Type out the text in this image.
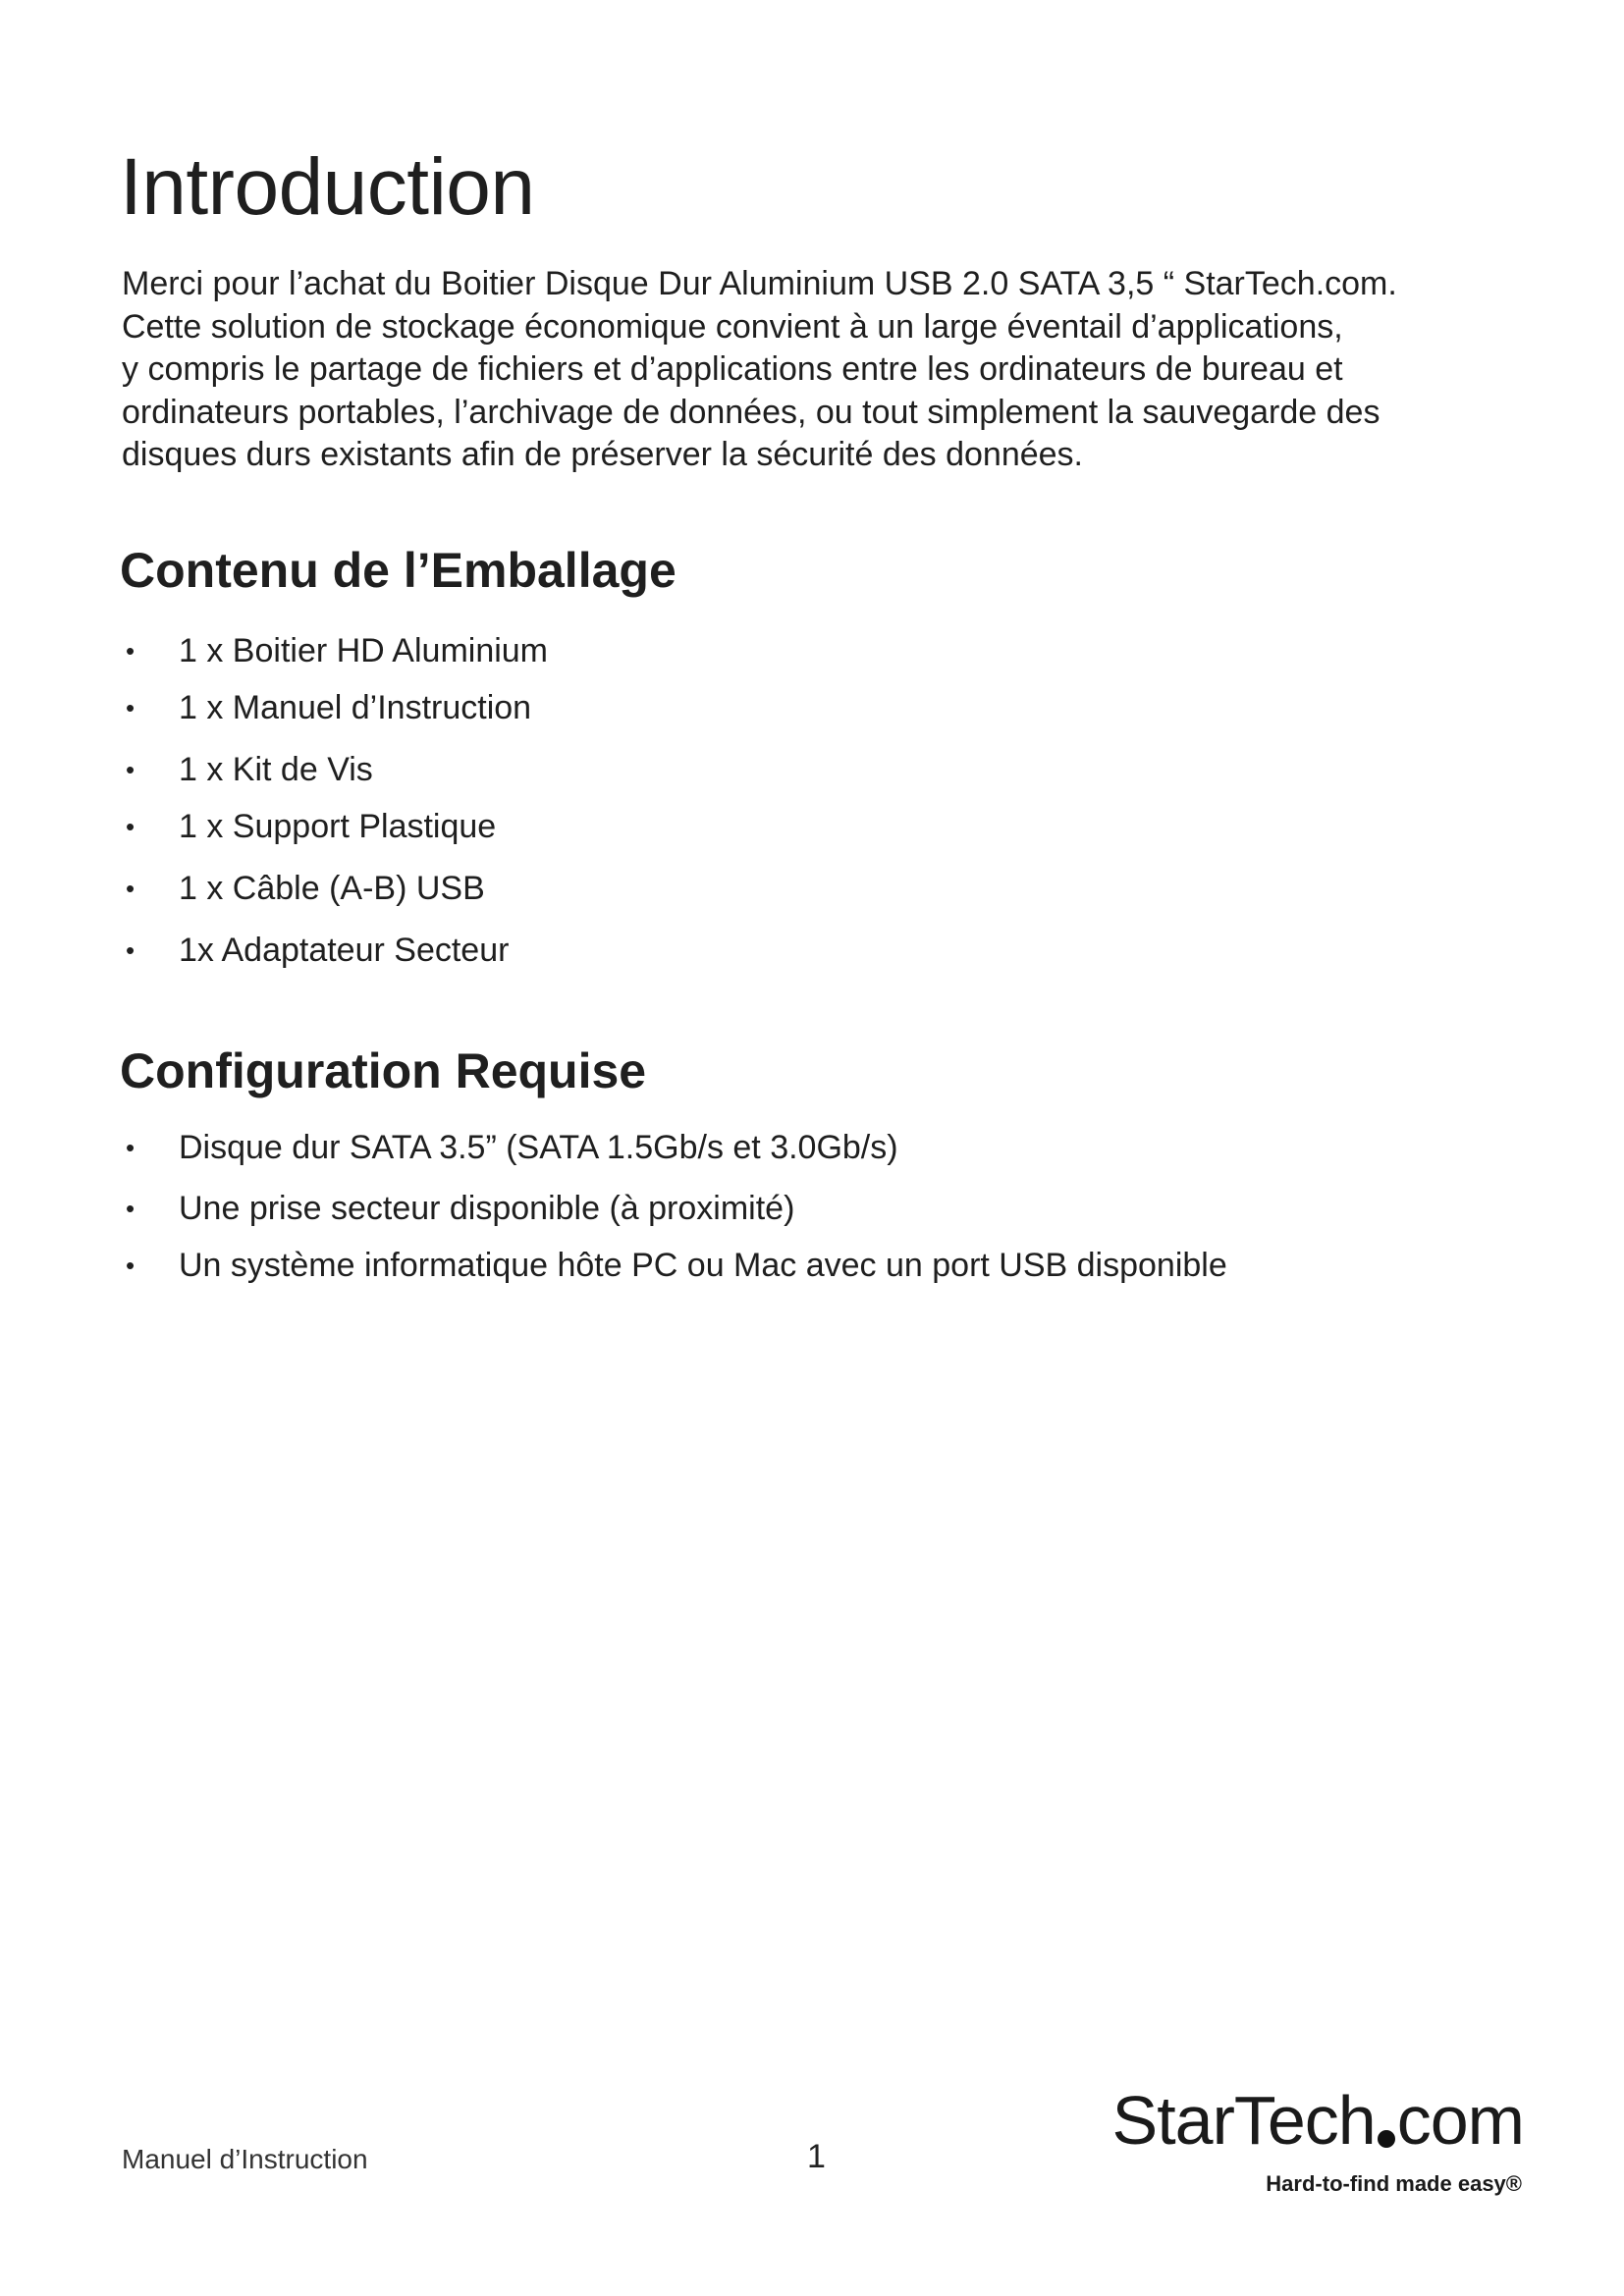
Introduction

Merci pour l’achat du Boitier Disque Dur Aluminium USB 2.0 SATA 3,5 “ StarTech.com.
Cette solution de stockage économique convient à un large éventail d’applications,
y compris le partage de fichiers et d’applications entre les ordinateurs de bureau et
ordinateurs portables, l’archivage de données, ou tout simplement la sauvegarde des
disques durs existants afin de préserver la sécurité des données.

Contenu de l’Emballage
• 1 x Boitier HD Aluminium
• 1 x Manuel d’Instruction
• 1 x Kit de Vis
• 1 x Support Plastique
• 1 x Câble (A-B) USB
• 1x Adaptateur Secteur
Configuration Requise
• Disque dur SATA 3.5” (SATA 1.5Gb/s et 3.0Gb/s)
• Une prise secteur disponible (à proximité)
• Un système informatique hôte PC ou Mac avec un port USB disponible
Manuel d’Instruction	1	StarTech com
Hard-to-find made easy®
